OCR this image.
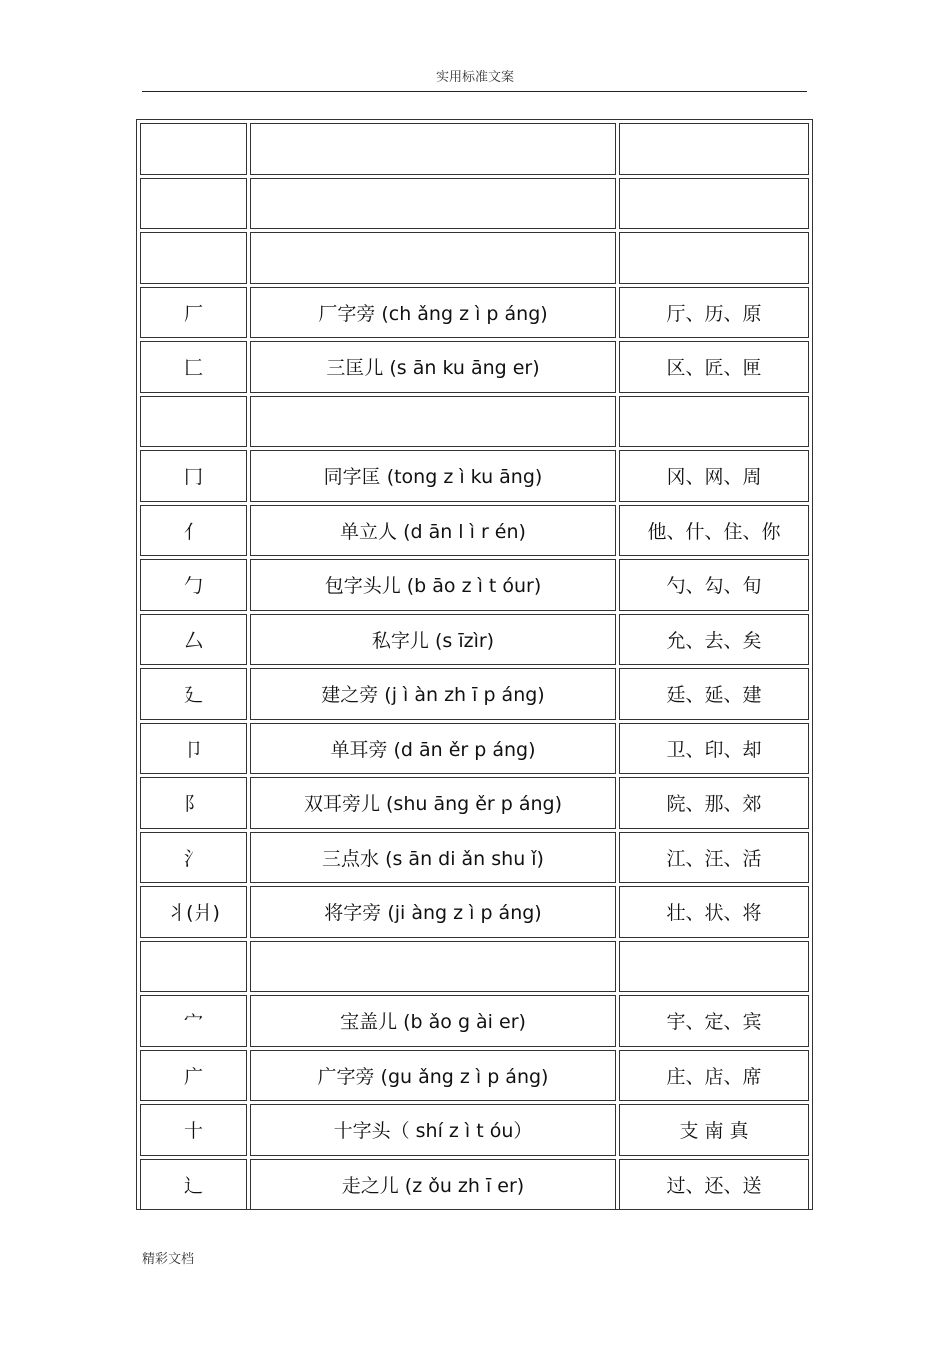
实用标准文案

厂	厂字旁 (ch ǎng z ì p áng)	厅、历、原
匚	三匡儿 (s ān ku āng er)	区、匠、匣

冂	同字匡 (tong z ì ku āng)	冈、网、周
亻	单立人 (d ān l ì r én)	他、什、住、你
勹	包字头儿 (b āo z ì t óur)	勺、勾、旬
厶	私字儿 (s īzìr)	允、去、矣
廴	建之旁 (j ì àn zh ī p áng)	廷、延、建
卩	单耳旁 (d ān ěr p áng)	卫、印、却
阝	双耳旁儿 (shu āng ěr p áng)	院、那、郊
氵	三点水 (s ān di ǎn shu ǐ)	江、汪、活
丬(爿)	将字旁 (ji àng z ì p áng)	壮、状、将

宀	宝盖儿 (b ǎo g ài er)	宇、定、宾
广	广字旁 (gu ǎng z ì p áng)	庄、店、席
十	十字头（ shí z ì t óu）	支 南 真
辶	走之儿 (z ǒu zh ī er)	过、还、送
精彩文档
